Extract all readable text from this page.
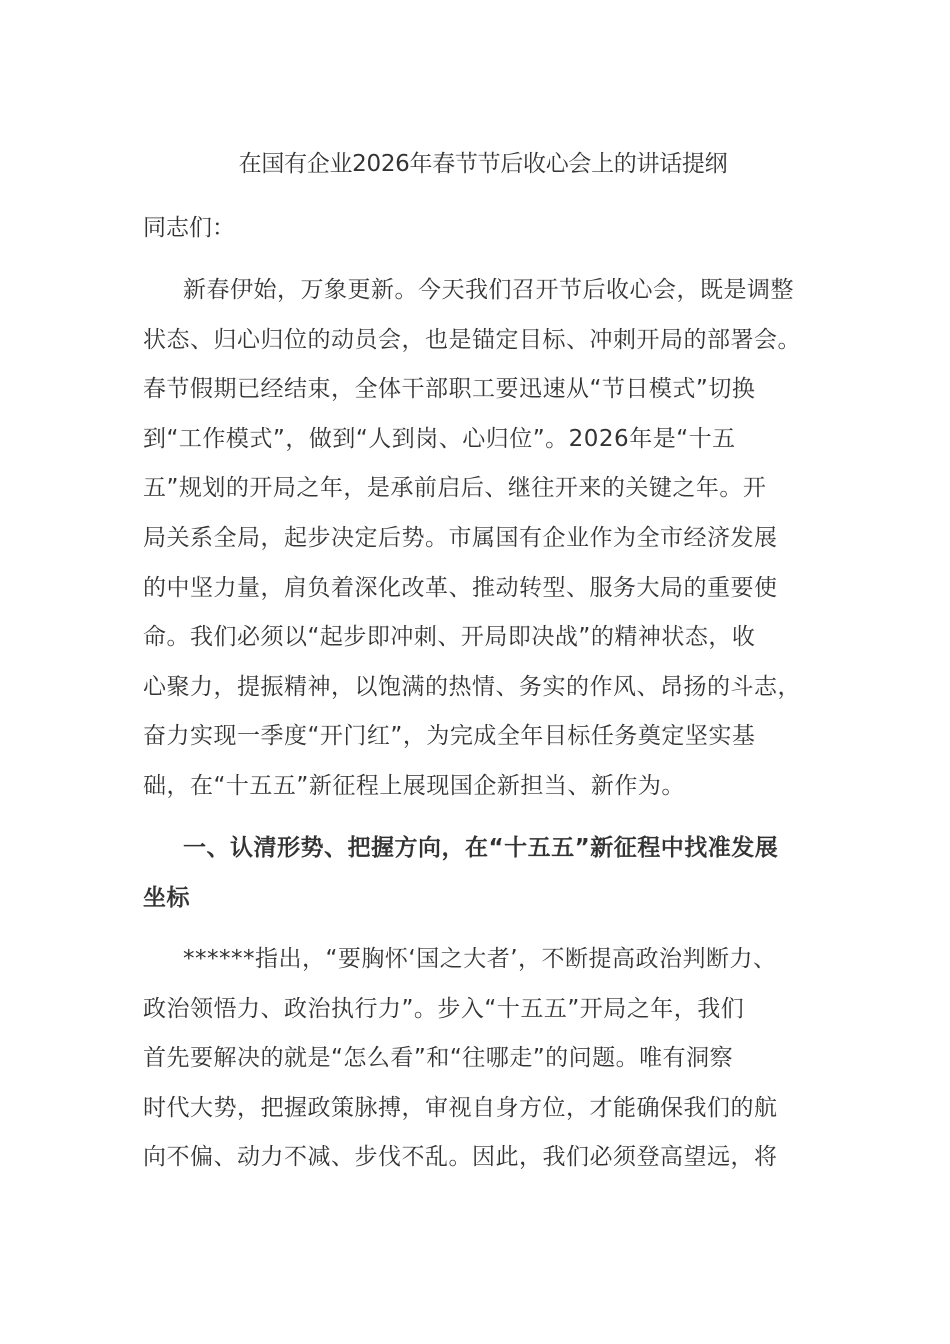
在国有企业2026年春节节后收心会上的讲话提纲
同志们：
新春伊始，万象更新。今天我们召开节后收心会，既是调整
状态、归心归位的动员会，也是锚定目标、冲刺开局的部署会。
春节假期已经结束，全体干部职工要迅速从“节日模式”切换
到“工作模式”，做到“人到岗、心归位”。2026年是“十五
五”规划的开局之年，是承前启后、继往开来的关键之年。开
局关系全局，起步决定后势。市属国有企业作为全市经济发展
的中坚力量，肩负着深化改革、推动转型、服务大局的重要使
命。我们必须以“起步即冲刺、开局即决战”的精神状态，收
心聚力，提振精神，以饱满的热情、务实的作风、昂扬的斗志，
奋力实现一季度“开门红”，为完成全年目标任务奠定坚实基
础，在“十五五”新征程上展现国企新担当、新作为。
一、认清形势、把握方向，在“十五五”新征程中找准发展
坐标
******指出，“要胸怀‘国之大者’，不断提高政治判断力、
政治领悟力、政治执行力”。步入“十五五”开局之年，我们
首先要解决的就是“怎么看”和“往哪走”的问题。唯有洞察
时代大势，把握政策脉搏，审视自身方位，才能确保我们的航
向不偏、动力不减、步伐不乱。因此，我们必须登高望远，将
